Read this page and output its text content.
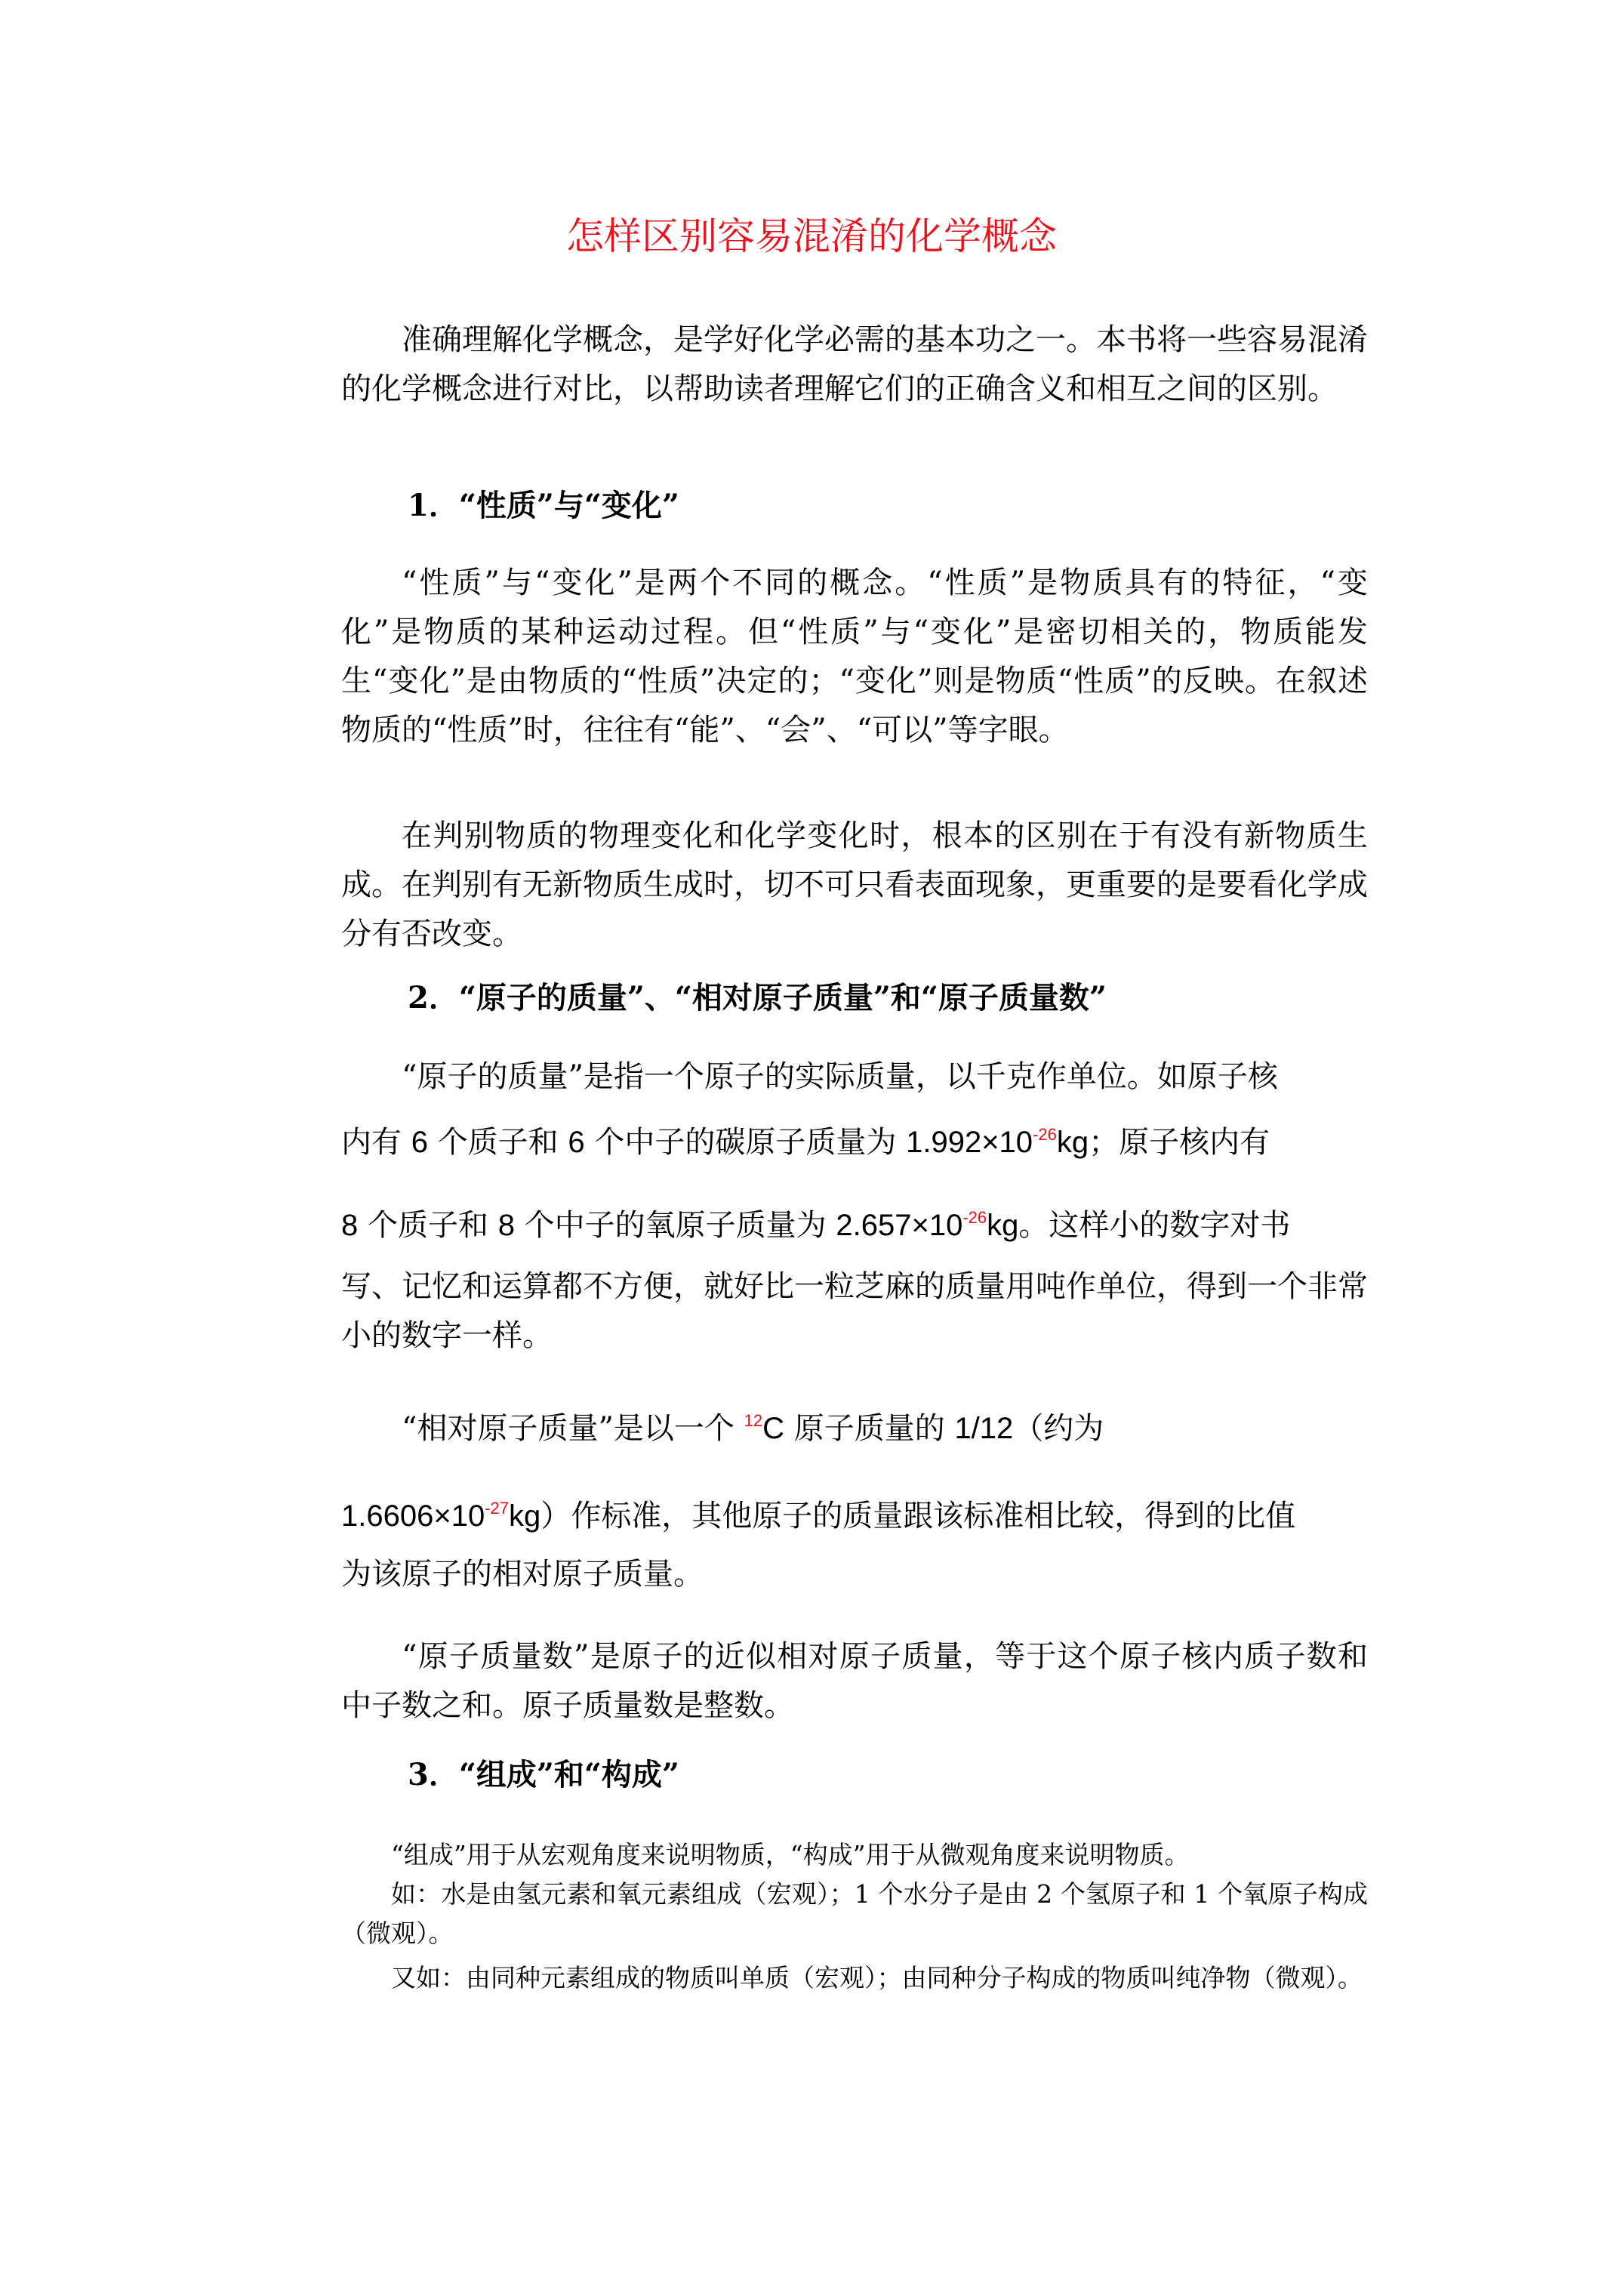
怎样区别容易混淆的化学概念
准确理解化学概念，是学好化学必需的基本功之一。本书将一些容易混淆的化学概念进行对比，以帮助读者理解它们的正确含义和相互之间的区别。
1．“性质”与“变化”
“性质”与“变化”是两个不同的概念。“性质”是物质具有的特征，“变化”是物质的某种运动过程。但“性质”与“变化”是密切相关的，物质能发生“变化”是由物质的“性质”决定的；“变化”则是物质“性质”的反映。在叙述物质的“性质”时，往往有“能”、“会”、“可以”等字眼。
在判别物质的物理变化和化学变化时，根本的区别在于有没有新物质生成。在判别有无新物质生成时，切不可只看表面现象，更重要的是要看化学成分有否改变。
2．“原子的质量”、“相对原子质量”和“原子质量数”
“原子的质量”是指一个原子的实际质量，以千克作单位。如原子核
内有 6 个质子和 6 个中子的碳原子质量为 $1.992\times 10^{-26}kg$；原子核内有
8 个质子和 8 个中子的氧原子质量为 $2.657\times 10^{-26}kg$。这样小的数字对书
写、记忆和运算都不方便，就好比一粒芝麻的质量用吨作单位，得到一个非常小的数字一样。
“相对原子质量”是以一个 $^{12}$C 原子质量的 1/12（约为
$1.6606\times 10^{-27}kg$）作标准，其他原子的质量跟该标准相比较，得到的比值
为该原子的相对原子质量。
“原子质量数”是原子的近似相对原子质量，等于这个原子核内质子数和中子数之和。原子质量数是整数。
3．“组成”和“构成”
“组成”用于从宏观角度来说明物质，“构成”用于从微观角度来说明物质。
如：水是由氢元素和氧元素组成（宏观）；1 个水分子是由 2 个氢原子和 1 个氧原子构成（微观）。
又如：由同种元素组成的物质叫单质（宏观）；由同种分子构成的物质叫纯净物（微观）。
